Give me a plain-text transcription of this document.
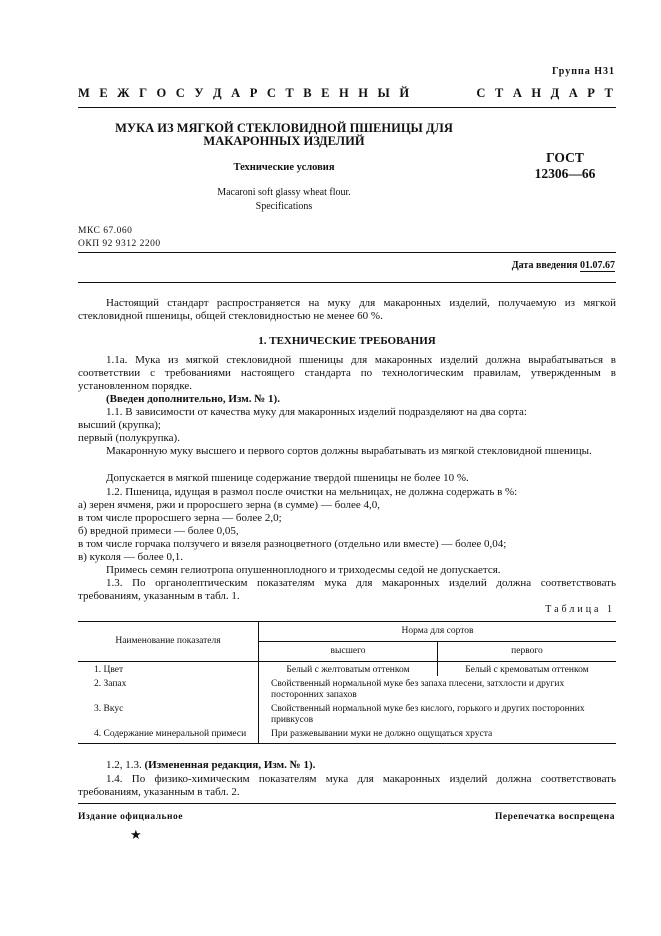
Группа Н31
М Е Ж Г О С У Д А Р С Т В Е Н Н Ы Й	С Т А Н Д А Р Т
МУКА ИЗ МЯГКОЙ СТЕКЛОВИДНОЙ ПШЕНИЦЫ ДЛЯ
МАКАРОННЫХ ИЗДЕЛИЙ
Технические условия
Macaroni soft glassy wheat flour.
Specifications
ГОСТ
12306—66
МКС 67.060
ОКП 92 9312 2200
Дата введения 01.07.67
Настоящий стандарт распространяется на муку для макаронных изделий, получаемую из мягкой стекловидной пшеницы, общей стекловидностью не менее 60 %.
1. ТЕХНИЧЕСКИЕ ТРЕБОВАНИЯ
1.1а. Мука из мягкой стекловидной пшеницы для макаронных изделий должна вырабатываться в соответствии с требованиями настоящего стандарта по технологическим правилам, утвержденным в установленном порядке.
(Введен дополнительно, Изм. № 1).
1.1. В зависимости от качества муку для макаронных изделий подразделяют на два сорта:
высший (крупка);
первый (полукрупка).
Макаронную муку высшего и первого сортов должны вырабатывать из мягкой стекловидной пшеницы.
Допускается в мягкой пшенице содержание твердой пшеницы не более 10 %.
1.2. Пшеница, идущая в размол после очистки на мельницах, не должна содержать в %:
а) зерен ячменя, ржи и проросшего зерна (в сумме) — более 4,0,
в том числе проросшего зерна — более 2,0;
б) вредной примеси — более 0,05,
в том числе горчака ползучего и вязеля разноцветного (отдельно или вместе) — более 0,04;
в) куколя — более 0,1.
Примесь семян гелиотропа опушенноплодного и триходесмы седой не допускается.
1.3. По органолептическим показателям мука для макаронных изделий должна соответствовать требованиям, указанным в табл. 1.
Таблица 1
Наименование показателя	Норма для сортов	
	высшего	первого
1. Цвет	Белый с желтоватым оттенком	Белый с кремоватым оттенком
2. Запах	Свойственный нормальной муке без запаха плесени, затхлости и других посторонних запахов	
3. Вкус	Свойственный нормальной муке без кислого, горького и других посторонних привкусов	
4. Содержание минеральной примеси	При разжевывании муки не должно ощущаться хруста	
1.2, 1.3. (Измененная редакция, Изм. № 1).
1.4. По физико-химическим показателям мука для макаронных изделий должна соответствовать требованиям, указанным в табл. 2.
Издание официальное	Перепечатка воспрещена
★
